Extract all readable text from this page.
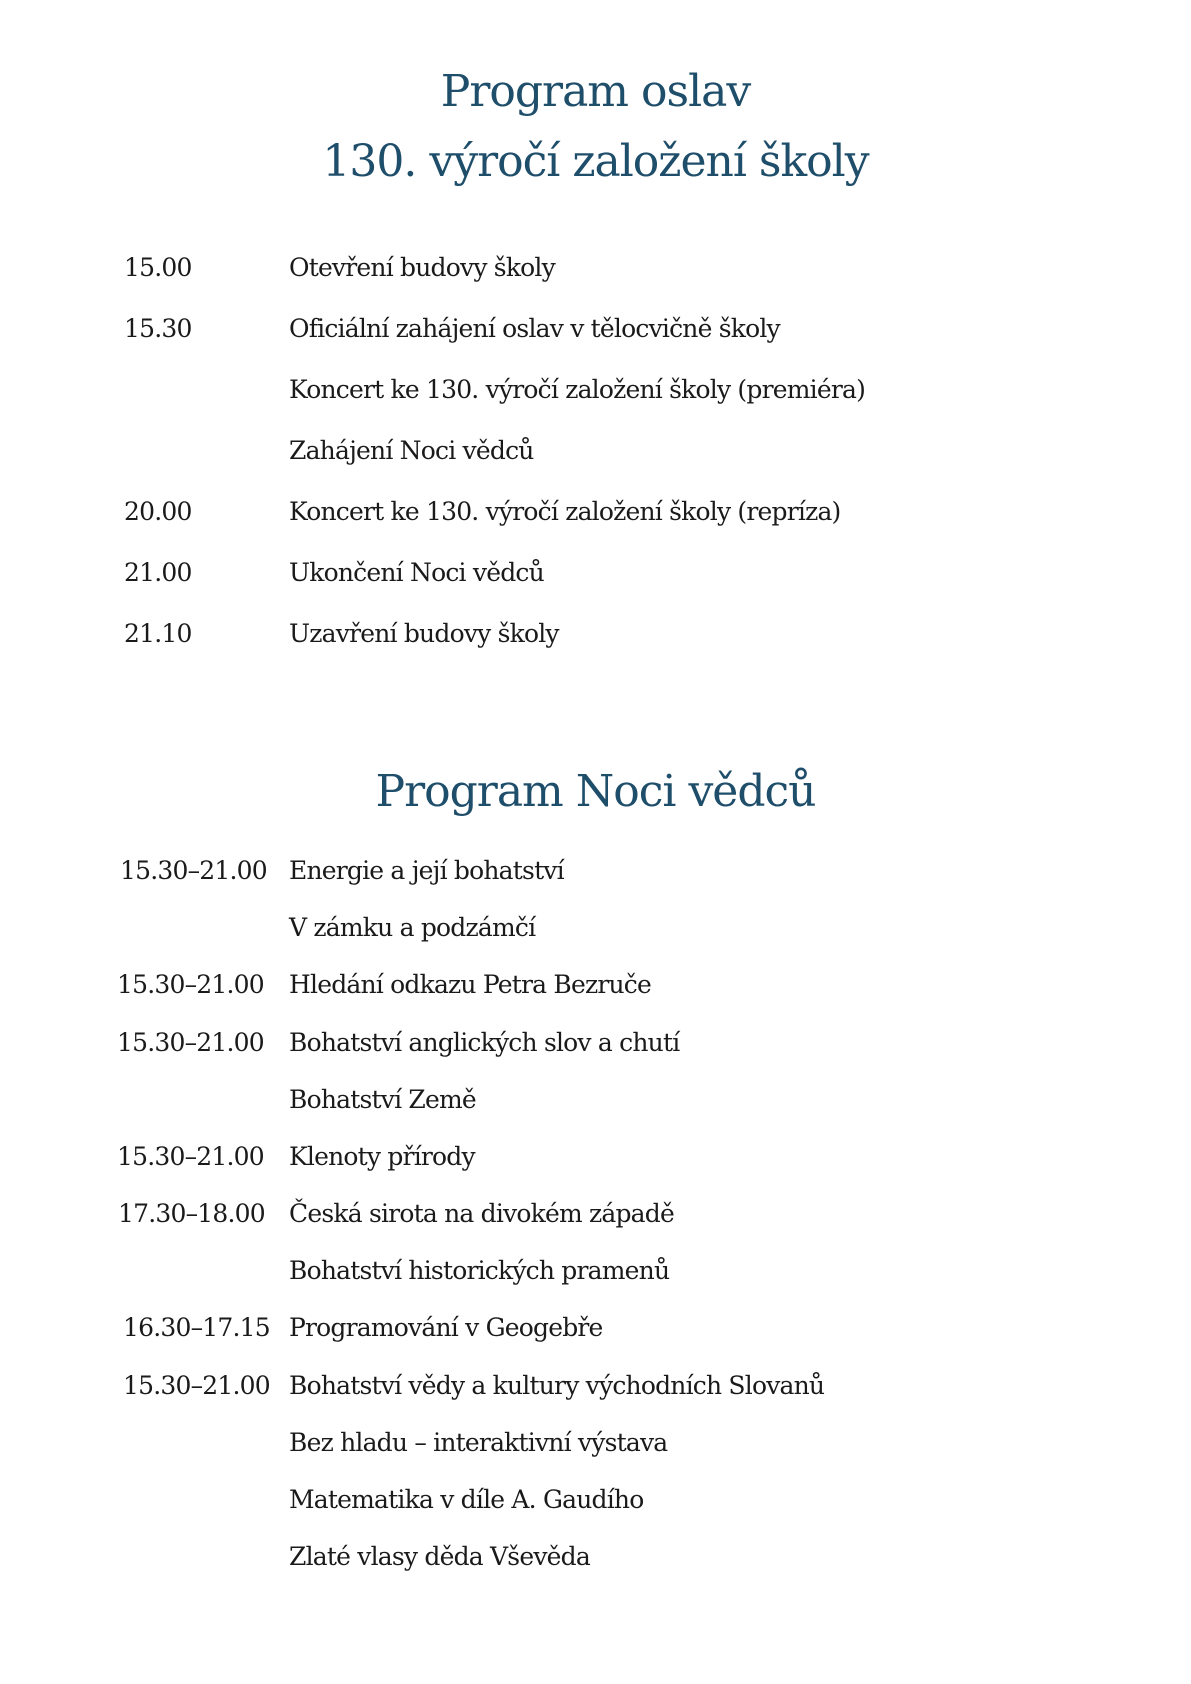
Program oslav
130. výročí založení školy
15.00	Otevření budovy školy
15.30	Oficiální zahájení oslav v tělocvičně školy
Koncert ke 130. výročí založení školy (premiéra)
Zahájení Noci vědců
20.00	Koncert ke 130. výročí založení školy (repríza)
21.00	Ukončení Noci vědců
21.10	Uzavření budovy školy
Program Noci vědců
15.30–21.00 Energie a její bohatství
V zámku a podzámčí
15.30–21.00 Hledání odkazu Petra Bezruče
15.30–21.00 Bohatství anglických slov a chutí
Bohatství Země
15.30–21.00 Klenoty přírody
17.30–18.00 Česká sirota na divokém západě
Bohatství historických pramenů
16.30–17.15 Programování v Geogebře
15.30–21.00 Bohatství vědy a kultury východních Slovanů
Bez hladu – interaktivní výstava
Matematika v díle A. Gaudího
Zlaté vlasy děda Vševěda
